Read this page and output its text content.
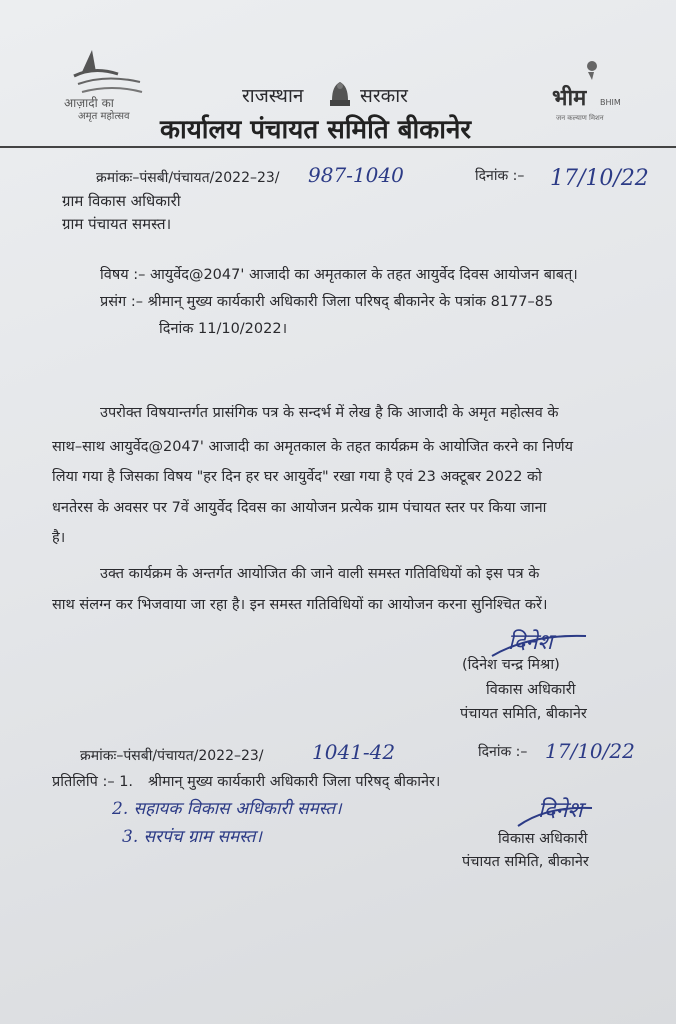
आज़ादी का
अमृत महोत्सव
राजस्थान	सरकार
कार्यालय पंचायत समिति बीकानेर
भीम BHIM
जन कल्याण मिशन
क्रमांकः–पंसबी/पंचायत/2022–23/ 987-1040	दिनांक :– 17/10/22
ग्राम विकास अधिकारी
ग्राम पंचायत समस्त।
विषय :– आयुर्वेद@2047' आजादी का अमृतकाल के तहत आयुर्वेद दिवस आयोजन बाबत्।
प्रसंग :– श्रीमान् मुख्य कार्यकारी अधिकारी जिला परिषद् बीकानेर के पत्रांक 8177–85
दिनांक 11/10/2022।
उपरोक्त विषयान्तर्गत प्रासंगिक पत्र के सन्दर्भ में लेख है कि आजादी के अमृत महोत्सव के
साथ–साथ आयुर्वेद@2047' आजादी का अमृतकाल के तहत कार्यक्रम के आयोजित करने का निर्णय
लिया गया है जिसका विषय "हर दिन हर घर आयुर्वेद" रखा गया है एवं 23 अक्टूबर 2022 को
धनतेरस के अवसर पर 7वें आयुर्वेद दिवस का आयोजन प्रत्येक ग्राम पंचायत स्तर पर किया जाना
है।
उक्त कार्यक्रम के अन्तर्गत आयोजित की जाने वाली समस्त गतिविधियों को इस पत्र के
साथ संलग्न कर भिजवाया जा रहा है। इन समस्त गतिविधियों का आयोजन करना सुनिश्चित करें।
दिनेश
(दिनेश चन्द्र मिश्रा)
विकास अधिकारी
पंचायत समिति, बीकानेर
क्रमांकः–पंसबी/पंचायत/2022–23/ 1041-42	दिनांक :– 17/10/22
प्रतिलिपि :– 1. श्रीमान् मुख्य कार्यकारी अधिकारी जिला परिषद् बीकानेर।
2. सहायक विकास अधिकारी समस्त।
3. सरपंच ग्राम समस्त।
दिनेश
विकास अधिकारी
पंचायत समिति, बीकानेर
